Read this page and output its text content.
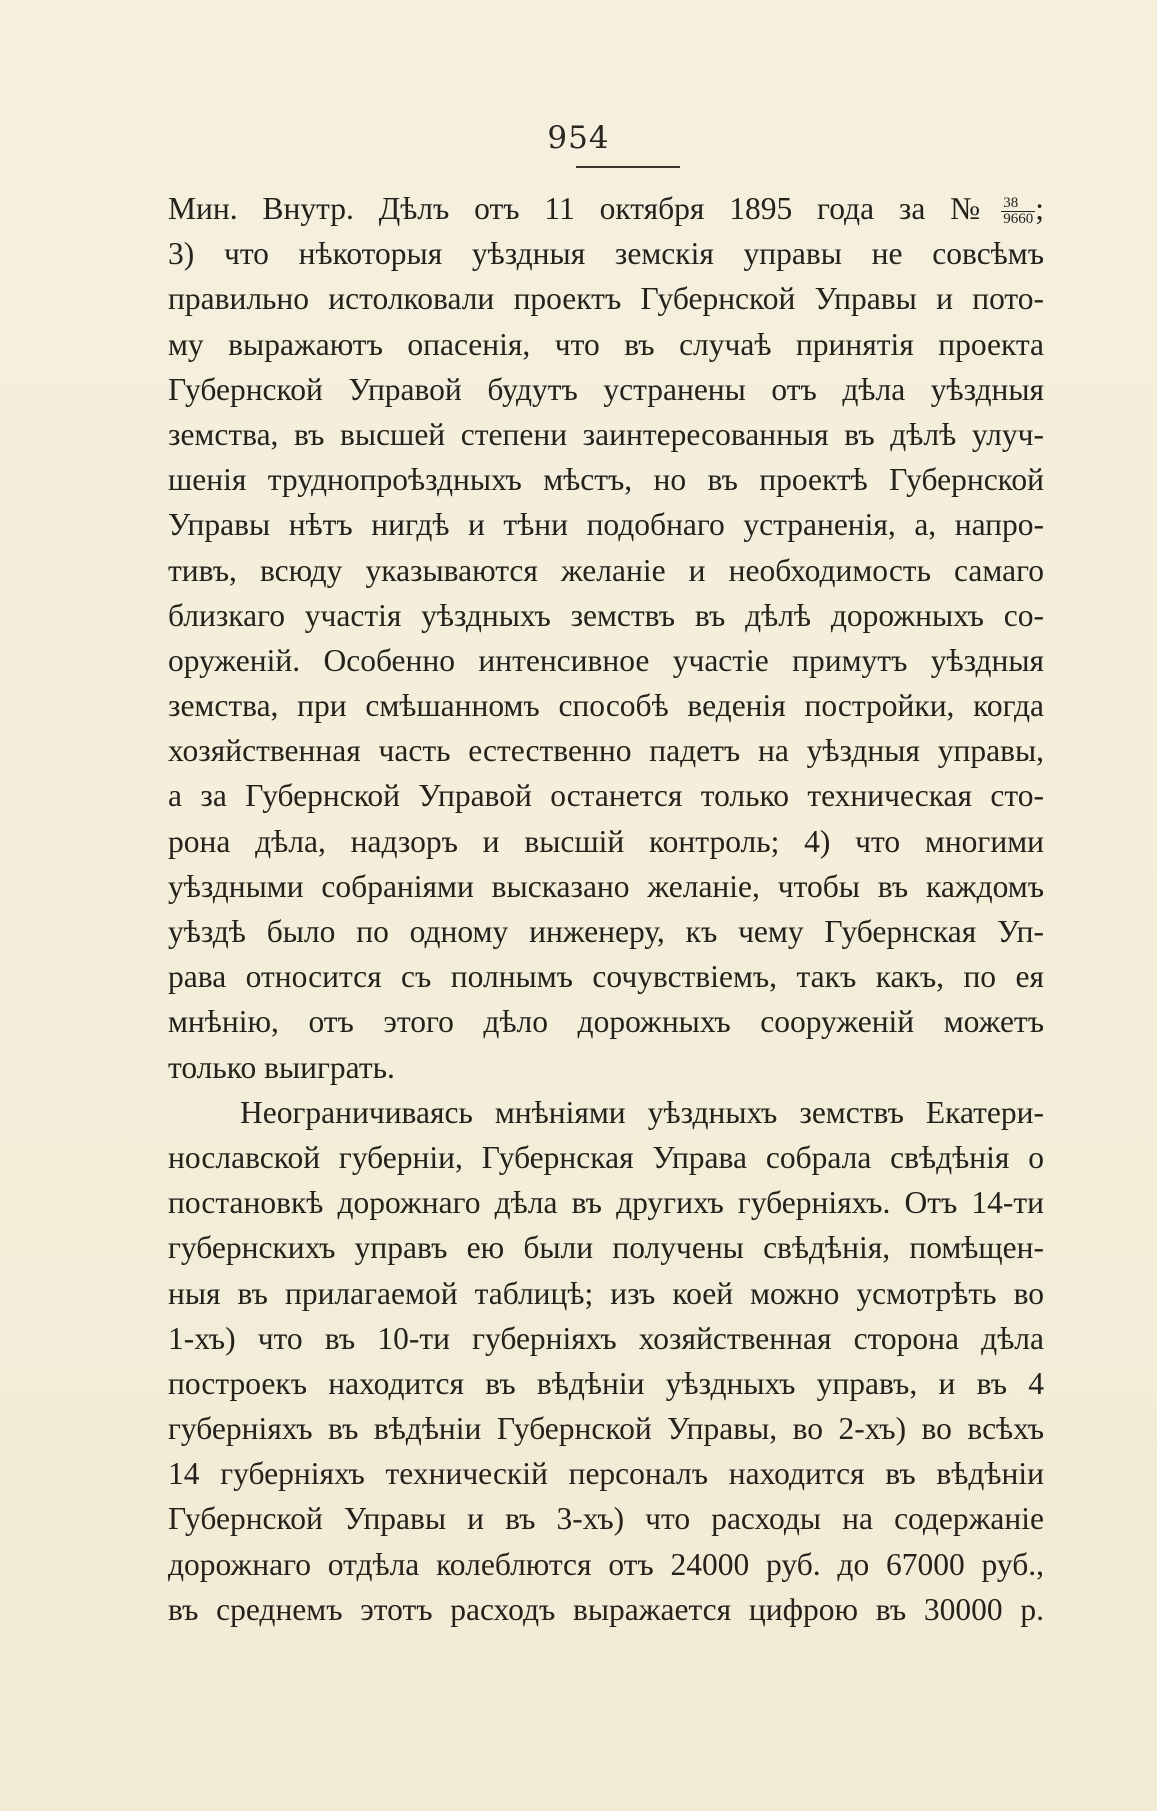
954
Мин. Внутр. Дѣлъ отъ 11 октября 1895 года за № $\frac{38}{9660}$ ;
3) что нѣкоторыя уѣздныя земскія управы не совсѣмъ
правильно истолковали проектъ Губернской Управы и пото-
му выражаютъ опасенія, что въ случаѣ принятія проекта
Губернской Управой будутъ устранены отъ дѣла уѣздныя
земства, въ высшей степени заинтересованныя въ дѣлѣ улуч-
шенія труднопроѣздныхъ мѣстъ, но въ проектѣ Губернской
Управы нѣтъ нигдѣ и тѣни подобнаго устраненія, а, напро-
тивъ, всюду указываются желаніе и необходимость самаго
близкаго участія уѣздныхъ земствъ въ дѣлѣ дорожныхъ со-
оруженій. Особенно интенсивное участіе примутъ уѣздныя
земства, при смѣшанномъ способѣ веденія постройки, когда
хозяйственная часть естественно падетъ на уѣздныя управы,
а за Губернской Управой останется только техническая сто-
рона дѣла, надзоръ и высшій контроль; 4) что многими
уѣздными собраніями высказано желаніе, чтобы въ каждомъ
уѣздѣ было по одному инженеру, къ чему Губернская Уп-
рава относится съ полнымъ сочувствіемъ, такъ какъ, по ея
мнѣнію, отъ этого дѣло дорожныхъ сооруженій можетъ
только выиграть.
Неограничиваясь мнѣніями уѣздныхъ земствъ Екатери-
нославской губерніи, Губернская Управа собрала свѣдѣнія о
постановкѣ дорожнаго дѣла въ другихъ губерніяхъ. Отъ 14-ти
губернскихъ управъ ею были получены свѣдѣнія, помѣщен-
ныя въ прилагаемой таблицѣ; изъ коей можно усмотрѣть во
1-хъ) что въ 10-ти губерніяхъ хозяйственная сторона дѣла
построекъ находится въ вѣдѣніи уѣздныхъ управъ, и въ 4
губерніяхъ въ вѣдѣніи Губернской Управы, во 2-хъ) во всѣхъ
14 губерніяхъ техническій персоналъ находится въ вѣдѣніи
Губернской Управы и въ 3-хъ) что расходы на содержаніе
дорожнаго отдѣла колеблются отъ 24000 руб. до 67000 руб.,
въ среднемъ этотъ расходъ выражается цифрою въ 30000 р.
